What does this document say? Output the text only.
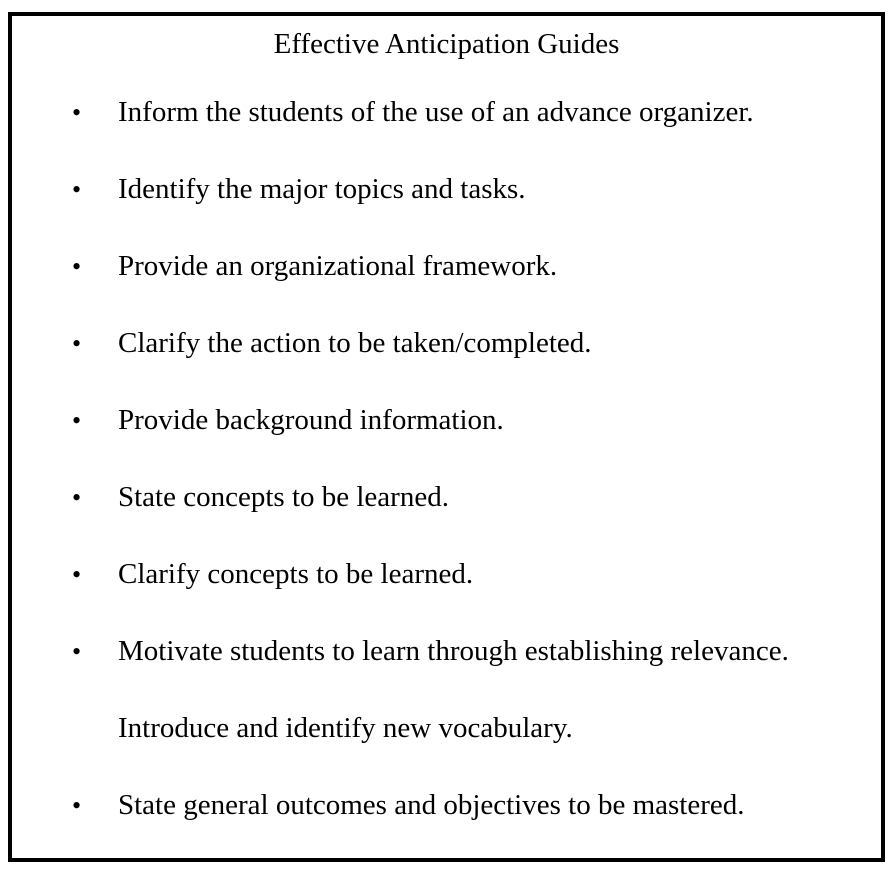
Effective Anticipation Guides
• Inform the students of the use of an advance organizer.
• Identify the major topics and tasks.
• Provide an organizational framework.
• Clarify the action to be taken/completed.
• Provide background information.
• State concepts to be learned.
• Clarify concepts to be learned.
• Motivate students to learn through establishing relevance.
Introduce and identify new vocabulary.
• State general outcomes and objectives to be mastered.
